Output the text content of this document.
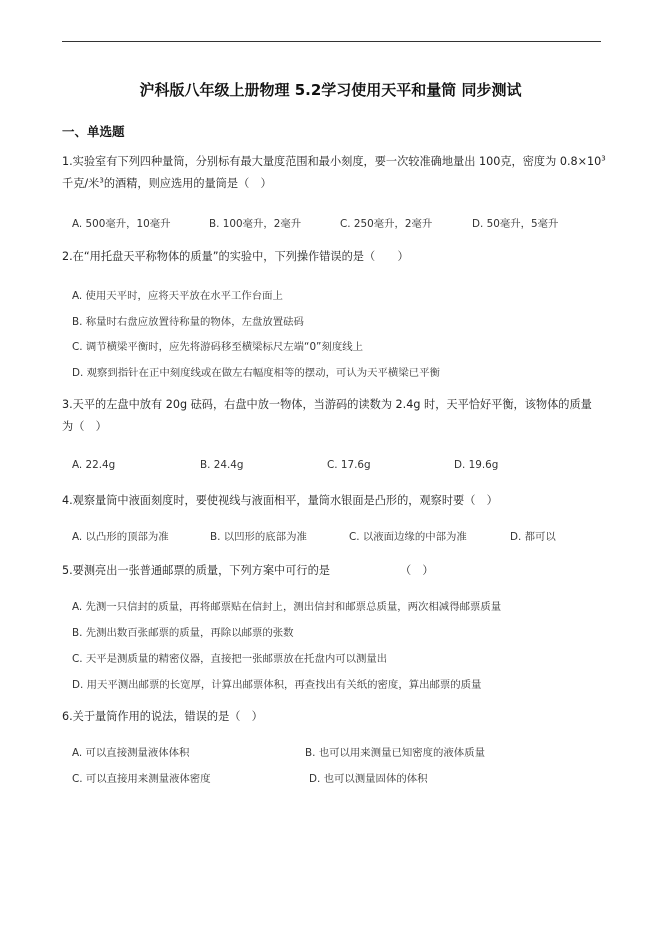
沪科版八年级上册物理 5.2学习使用天平和量筒 同步测试
一、单选题
1.实验室有下列四种量筒，分别标有最大量度范围和最小刻度，要一次较准确地量出 100克，密度为 $0.8\times 10^3$
千克/米$^3$的酒精，则应选用的量筒是（　）
A. 500毫升，10毫升	B. 100毫升，2毫升	C. 250毫升，2毫升	D. 50毫升，5毫升
2.在“用托盘天平称物体的质量”的实验中，下列操作错误的是（　　）
A. 使用天平时，应将天平放在水平工作台面上
B. 称量时右盘应放置待称量的物体，左盘放置砝码
C. 调节横梁平衡时，应先将游码移至横梁标尺左端“0”刻度线上
D. 观察到指针在正中刻度线或在做左右幅度相等的摆动，可认为天平横梁已平衡
3.天平的左盘中放有 20g 砝码，右盘中放一物体，当游码的读数为 2.4g 时，天平恰好平衡，该物体的质量
为（　）
A. 22.4g	B. 24.4g	C. 17.6g	D. 19.6g
4.观察量筒中液面刻度时，要使视线与液面相平，量筒水银面是凸形的，观察时要（　）
A. 以凸形的顶部为准	B. 以凹形的底部为准	C. 以液面边缘的中部为准	D. 都可以
5.要测亮出一张普通邮票的质量，下列方案中可行的是	（　）
A. 先测一只信封的质量，再将邮票贴在信封上，测出信封和邮票总质量，两次相减得邮票质量
B. 先测出数百张邮票的质量，再除以邮票的张数
C. 天平是测质量的精密仪器，直接把一张邮票放在托盘内可以测量出
D. 用天平测出邮票的长宽厚，计算出邮票体积，再查找出有关纸的密度，算出邮票的质量
6.关于量筒作用的说法，错误的是（　）
A. 可以直接测量液体体积	B. 也可以用来测量已知密度的液体质量
C. 可以直接用来测量液体密度	D. 也可以测量固体的体积
